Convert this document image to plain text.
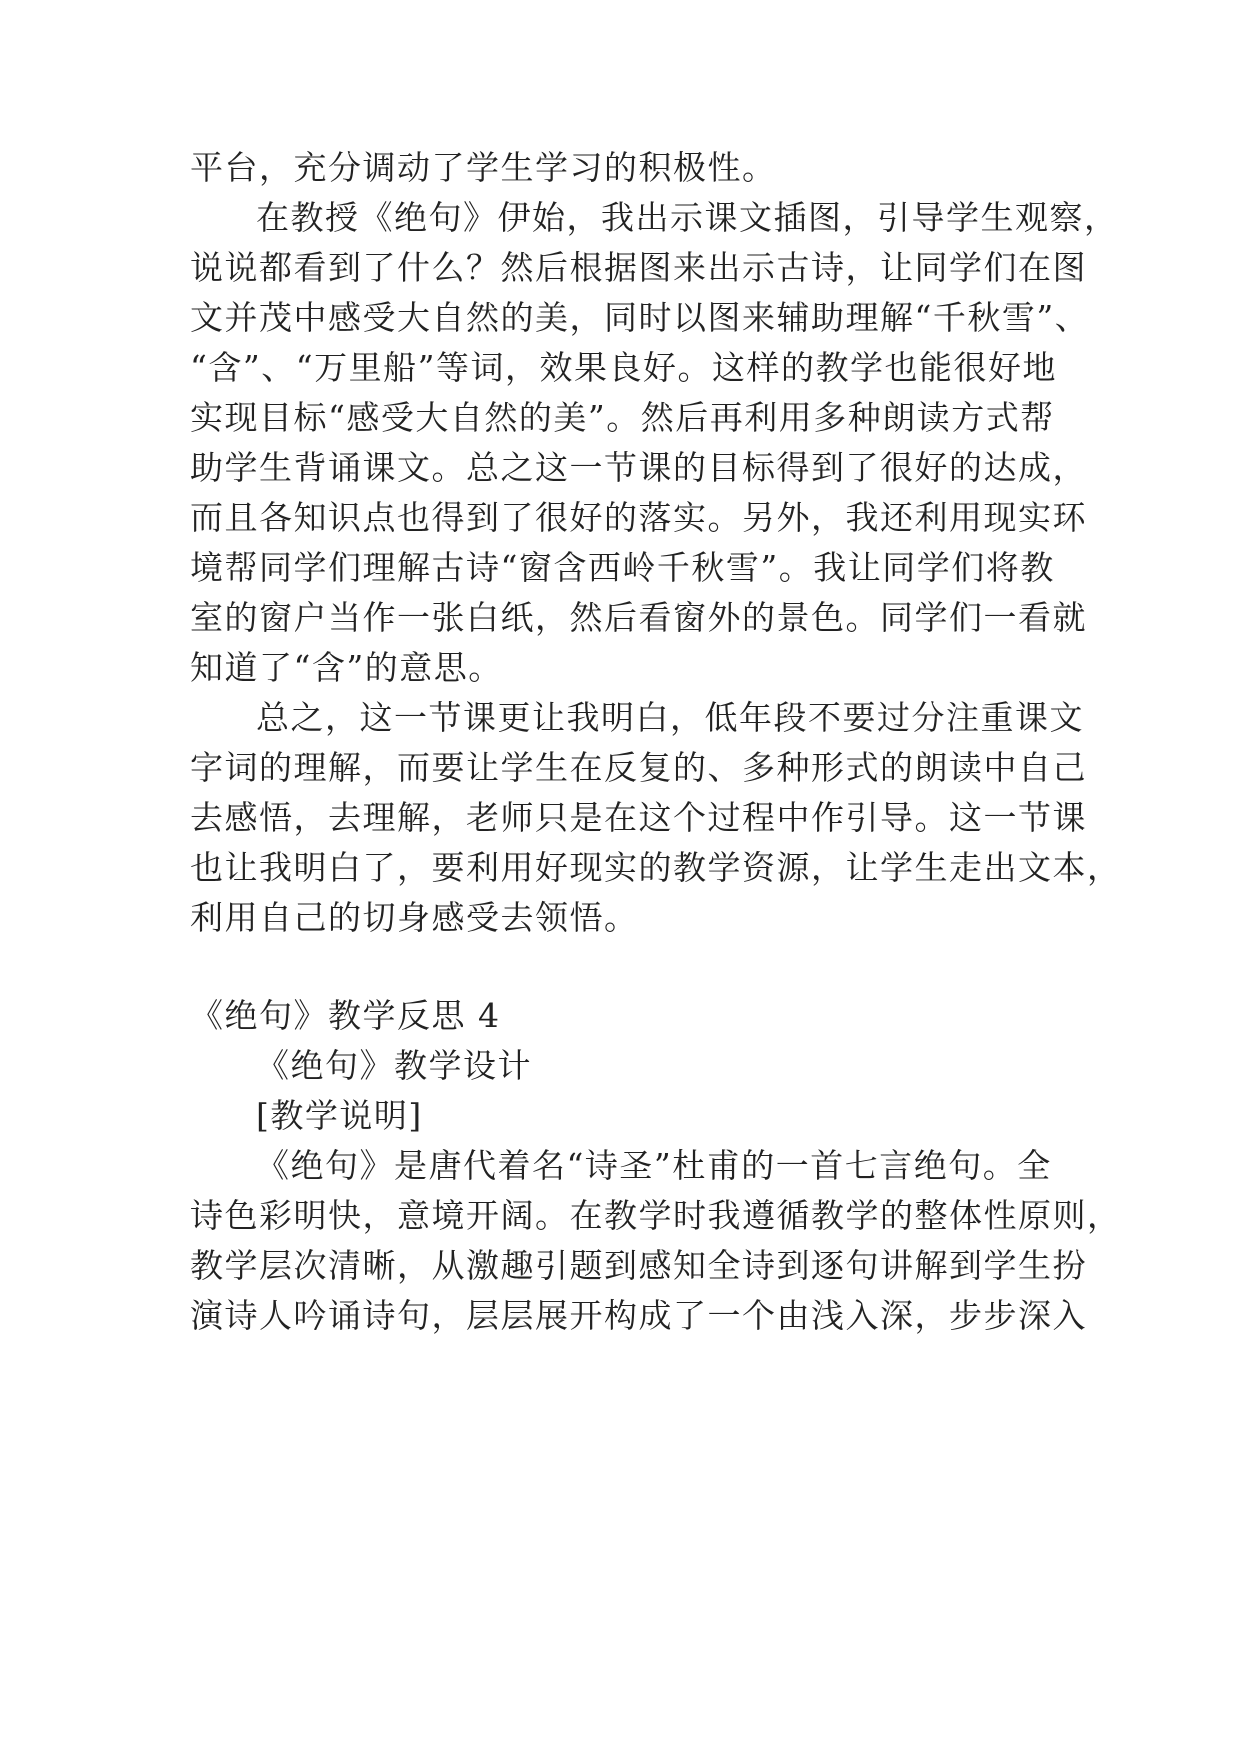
平台，充分调动了学生学习的积极性。
在教授《绝句》伊始，我出示课文插图，引导学生观察，
说说都看到了什么？然后根据图来出示古诗，让同学们在图
文并茂中感受大自然的美，同时以图来辅助理解“千秋雪”、
“含”、“万里船”等词，效果良好。这样的教学也能很好地
实现目标“感受大自然的美”。然后再利用多种朗读方式帮
助学生背诵课文。总之这一节课的目标得到了很好的达成，
而且各知识点也得到了很好的落实。另外，我还利用现实环
境帮同学们理解古诗“窗含西岭千秋雪”。我让同学们将教
室的窗户当作一张白纸，然后看窗外的景色。同学们一看就
知道了“含”的意思。
总之，这一节课更让我明白，低年段不要过分注重课文
字词的理解，而要让学生在反复的、多种形式的朗读中自己
去感悟，去理解，老师只是在这个过程中作引导。这一节课
也让我明白了，要利用好现实的教学资源，让学生走出文本，
利用自己的切身感受去领悟。
《绝句》教学反思 4
《绝句》教学设计
[教学说明]
《绝句》是唐代着名“诗圣”杜甫的一首七言绝句。全
诗色彩明快，意境开阔。在教学时我遵循教学的整体性原则，
教学层次清晰，从激趣引题到感知全诗到逐句讲解到学生扮
演诗人吟诵诗句，层层展开构成了一个由浅入深，步步深入
